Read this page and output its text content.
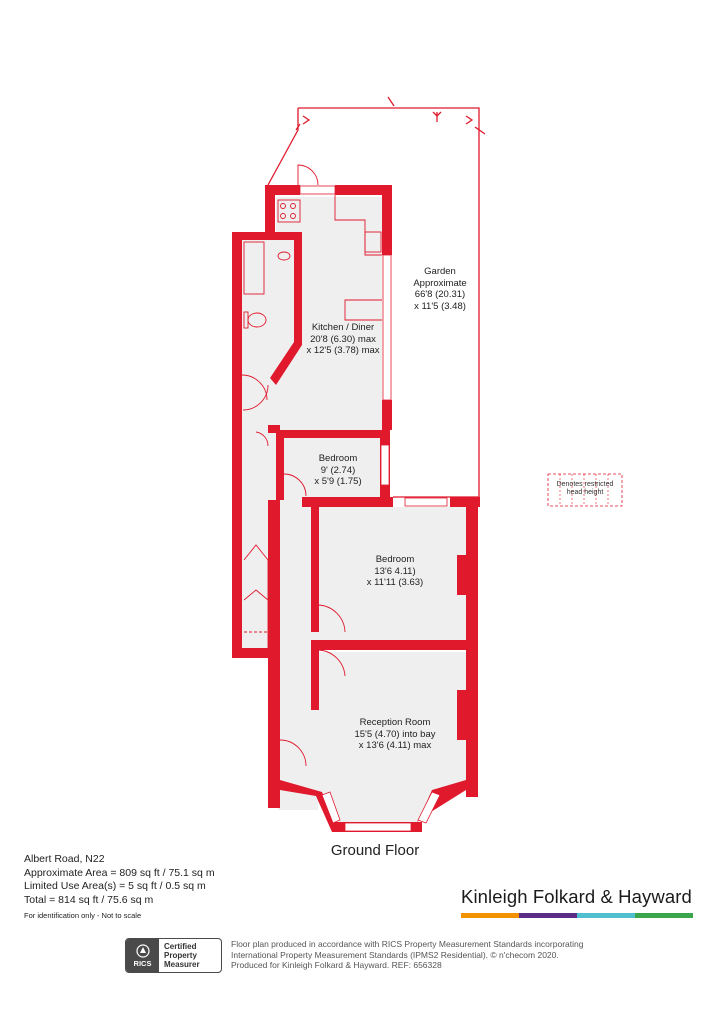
Garden
Approximate
66'8 (20.31)
x 11'5 (3.48)
Kitchen / Diner
20'8 (6.30) max
x 12'5 (3.78) max
Bedroom
9' (2.74)
x 5'9 (1.75)
Bedroom
13'6 4.11)
x 11'11 (3.63)
Reception Room
15'5 (4.70) into bay
x 13'6 (4.11) max
Denotes restricted
head height
Ground Floor
Albert Road, N22
Approximate Area = 809 sq ft / 75.1 sq m
Limited Use Area(s) = 5 sq ft / 0.5 sq m
Total = 814 sq ft / 75.6 sq m
For identification only - Not to scale
Kinleigh Folkard & Hayward
RICS
Certified
Property
Measurer
Floor plan produced in accordance with RICS Property Measurement Standards incorporating
International Property Measurement Standards (IPMS2 Residential). © n'checom 2020.
Produced for Kinleigh Folkard & Hayward. REF: 656328
